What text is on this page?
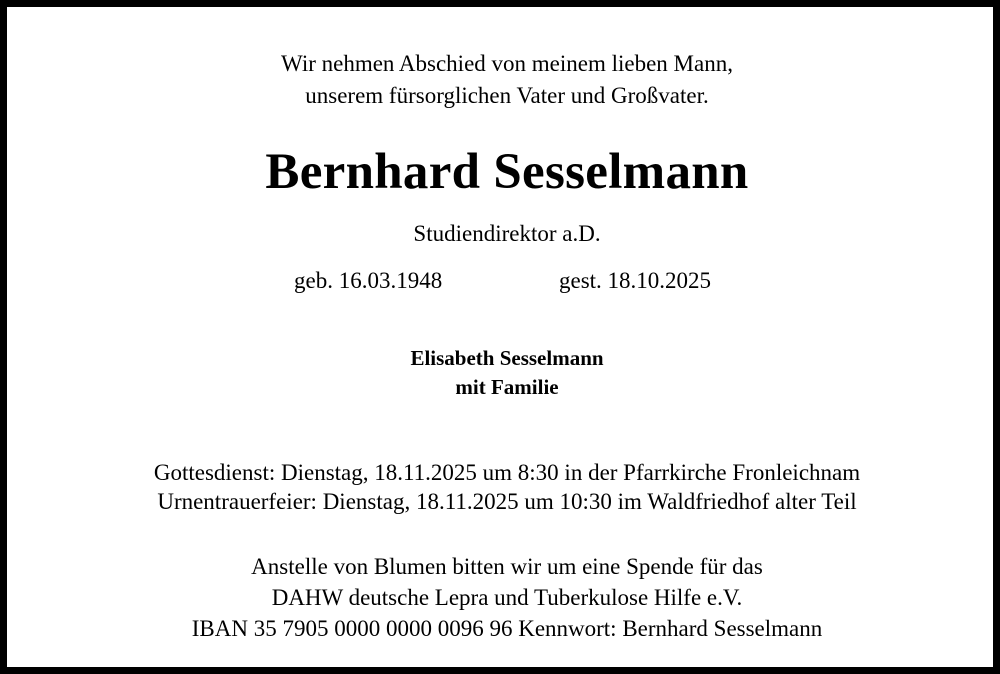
Wir nehmen Abschied von meinem lieben Mann,
unserem fürsorglichen Vater und Großvater.
Bernhard Sesselmann
Studiendirektor a.D.
geb. 16.03.1948	gest. 18.10.2025
Elisabeth Sesselmann
mit Familie
Gottesdienst: Dienstag, 18.11.2025 um 8:30 in der Pfarrkirche Fronleichnam
Urnentrauerfeier: Dienstag, 18.11.2025 um 10:30 im Waldfriedhof alter Teil
Anstelle von Blumen bitten wir um eine Spende für das
DAHW deutsche Lepra und Tuberkulose Hilfe e.V.
IBAN 35 7905 0000 0000 0096 96 Kennwort: Bernhard Sesselmann
